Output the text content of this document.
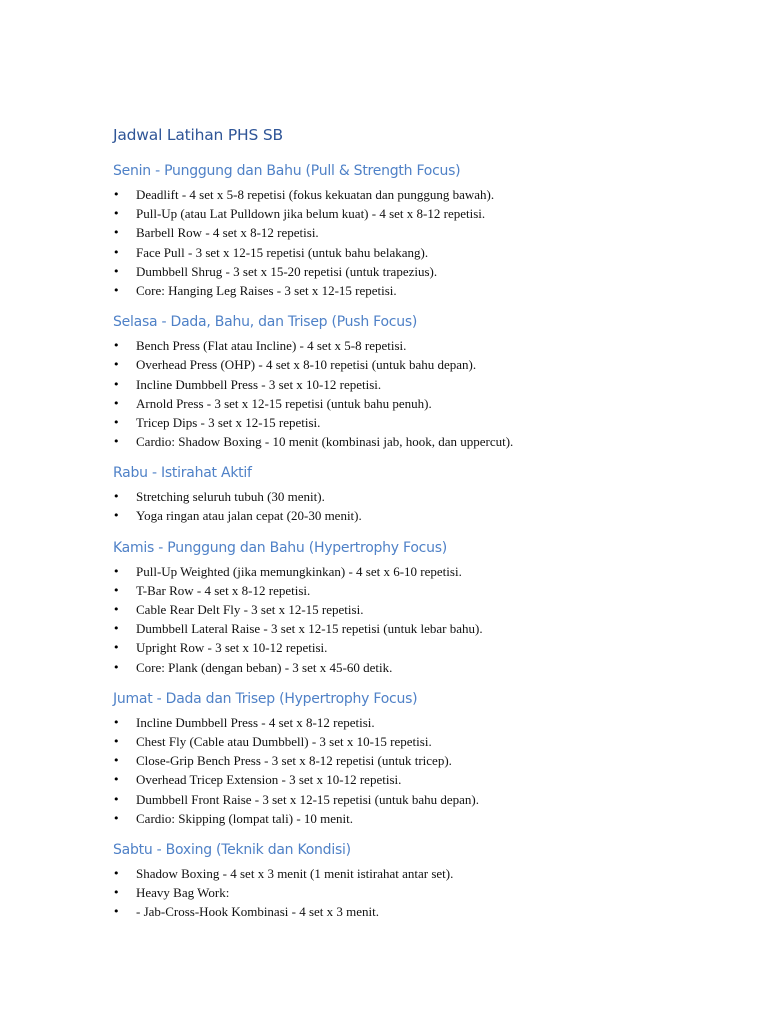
Jadwal Latihan PHS SB
Senin - Punggung dan Bahu (Pull & Strength Focus)
• Deadlift - 4 set x 5-8 repetisi (fokus kekuatan dan punggung bawah).
• Pull-Up (atau Lat Pulldown jika belum kuat) - 4 set x 8-12 repetisi.
• Barbell Row - 4 set x 8-12 repetisi.
• Face Pull - 3 set x 12-15 repetisi (untuk bahu belakang).
• Dumbbell Shrug - 3 set x 15-20 repetisi (untuk trapezius).
• Core: Hanging Leg Raises - 3 set x 12-15 repetisi.
Selasa - Dada, Bahu, dan Trisep (Push Focus)
• Bench Press (Flat atau Incline) - 4 set x 5-8 repetisi.
• Overhead Press (OHP) - 4 set x 8-10 repetisi (untuk bahu depan).
• Incline Dumbbell Press - 3 set x 10-12 repetisi.
• Arnold Press - 3 set x 12-15 repetisi (untuk bahu penuh).
• Tricep Dips - 3 set x 12-15 repetisi.
• Cardio: Shadow Boxing - 10 menit (kombinasi jab, hook, dan uppercut).
Rabu - Istirahat Aktif
• Stretching seluruh tubuh (30 menit).
• Yoga ringan atau jalan cepat (20-30 menit).
Kamis - Punggung dan Bahu (Hypertrophy Focus)
• Pull-Up Weighted (jika memungkinkan) - 4 set x 6-10 repetisi.
• T-Bar Row - 4 set x 8-12 repetisi.
• Cable Rear Delt Fly - 3 set x 12-15 repetisi.
• Dumbbell Lateral Raise - 3 set x 12-15 repetisi (untuk lebar bahu).
• Upright Row - 3 set x 10-12 repetisi.
• Core: Plank (dengan beban) - 3 set x 45-60 detik.
Jumat - Dada dan Trisep (Hypertrophy Focus)
• Incline Dumbbell Press - 4 set x 8-12 repetisi.
• Chest Fly (Cable atau Dumbbell) - 3 set x 10-15 repetisi.
• Close-Grip Bench Press - 3 set x 8-12 repetisi (untuk tricep).
• Overhead Tricep Extension - 3 set x 10-12 repetisi.
• Dumbbell Front Raise - 3 set x 12-15 repetisi (untuk bahu depan).
• Cardio: Skipping (lompat tali) - 10 menit.
Sabtu - Boxing (Teknik dan Kondisi)
• Shadow Boxing - 4 set x 3 menit (1 menit istirahat antar set).
• Heavy Bag Work:
• - Jab-Cross-Hook Kombinasi - 4 set x 3 menit.
